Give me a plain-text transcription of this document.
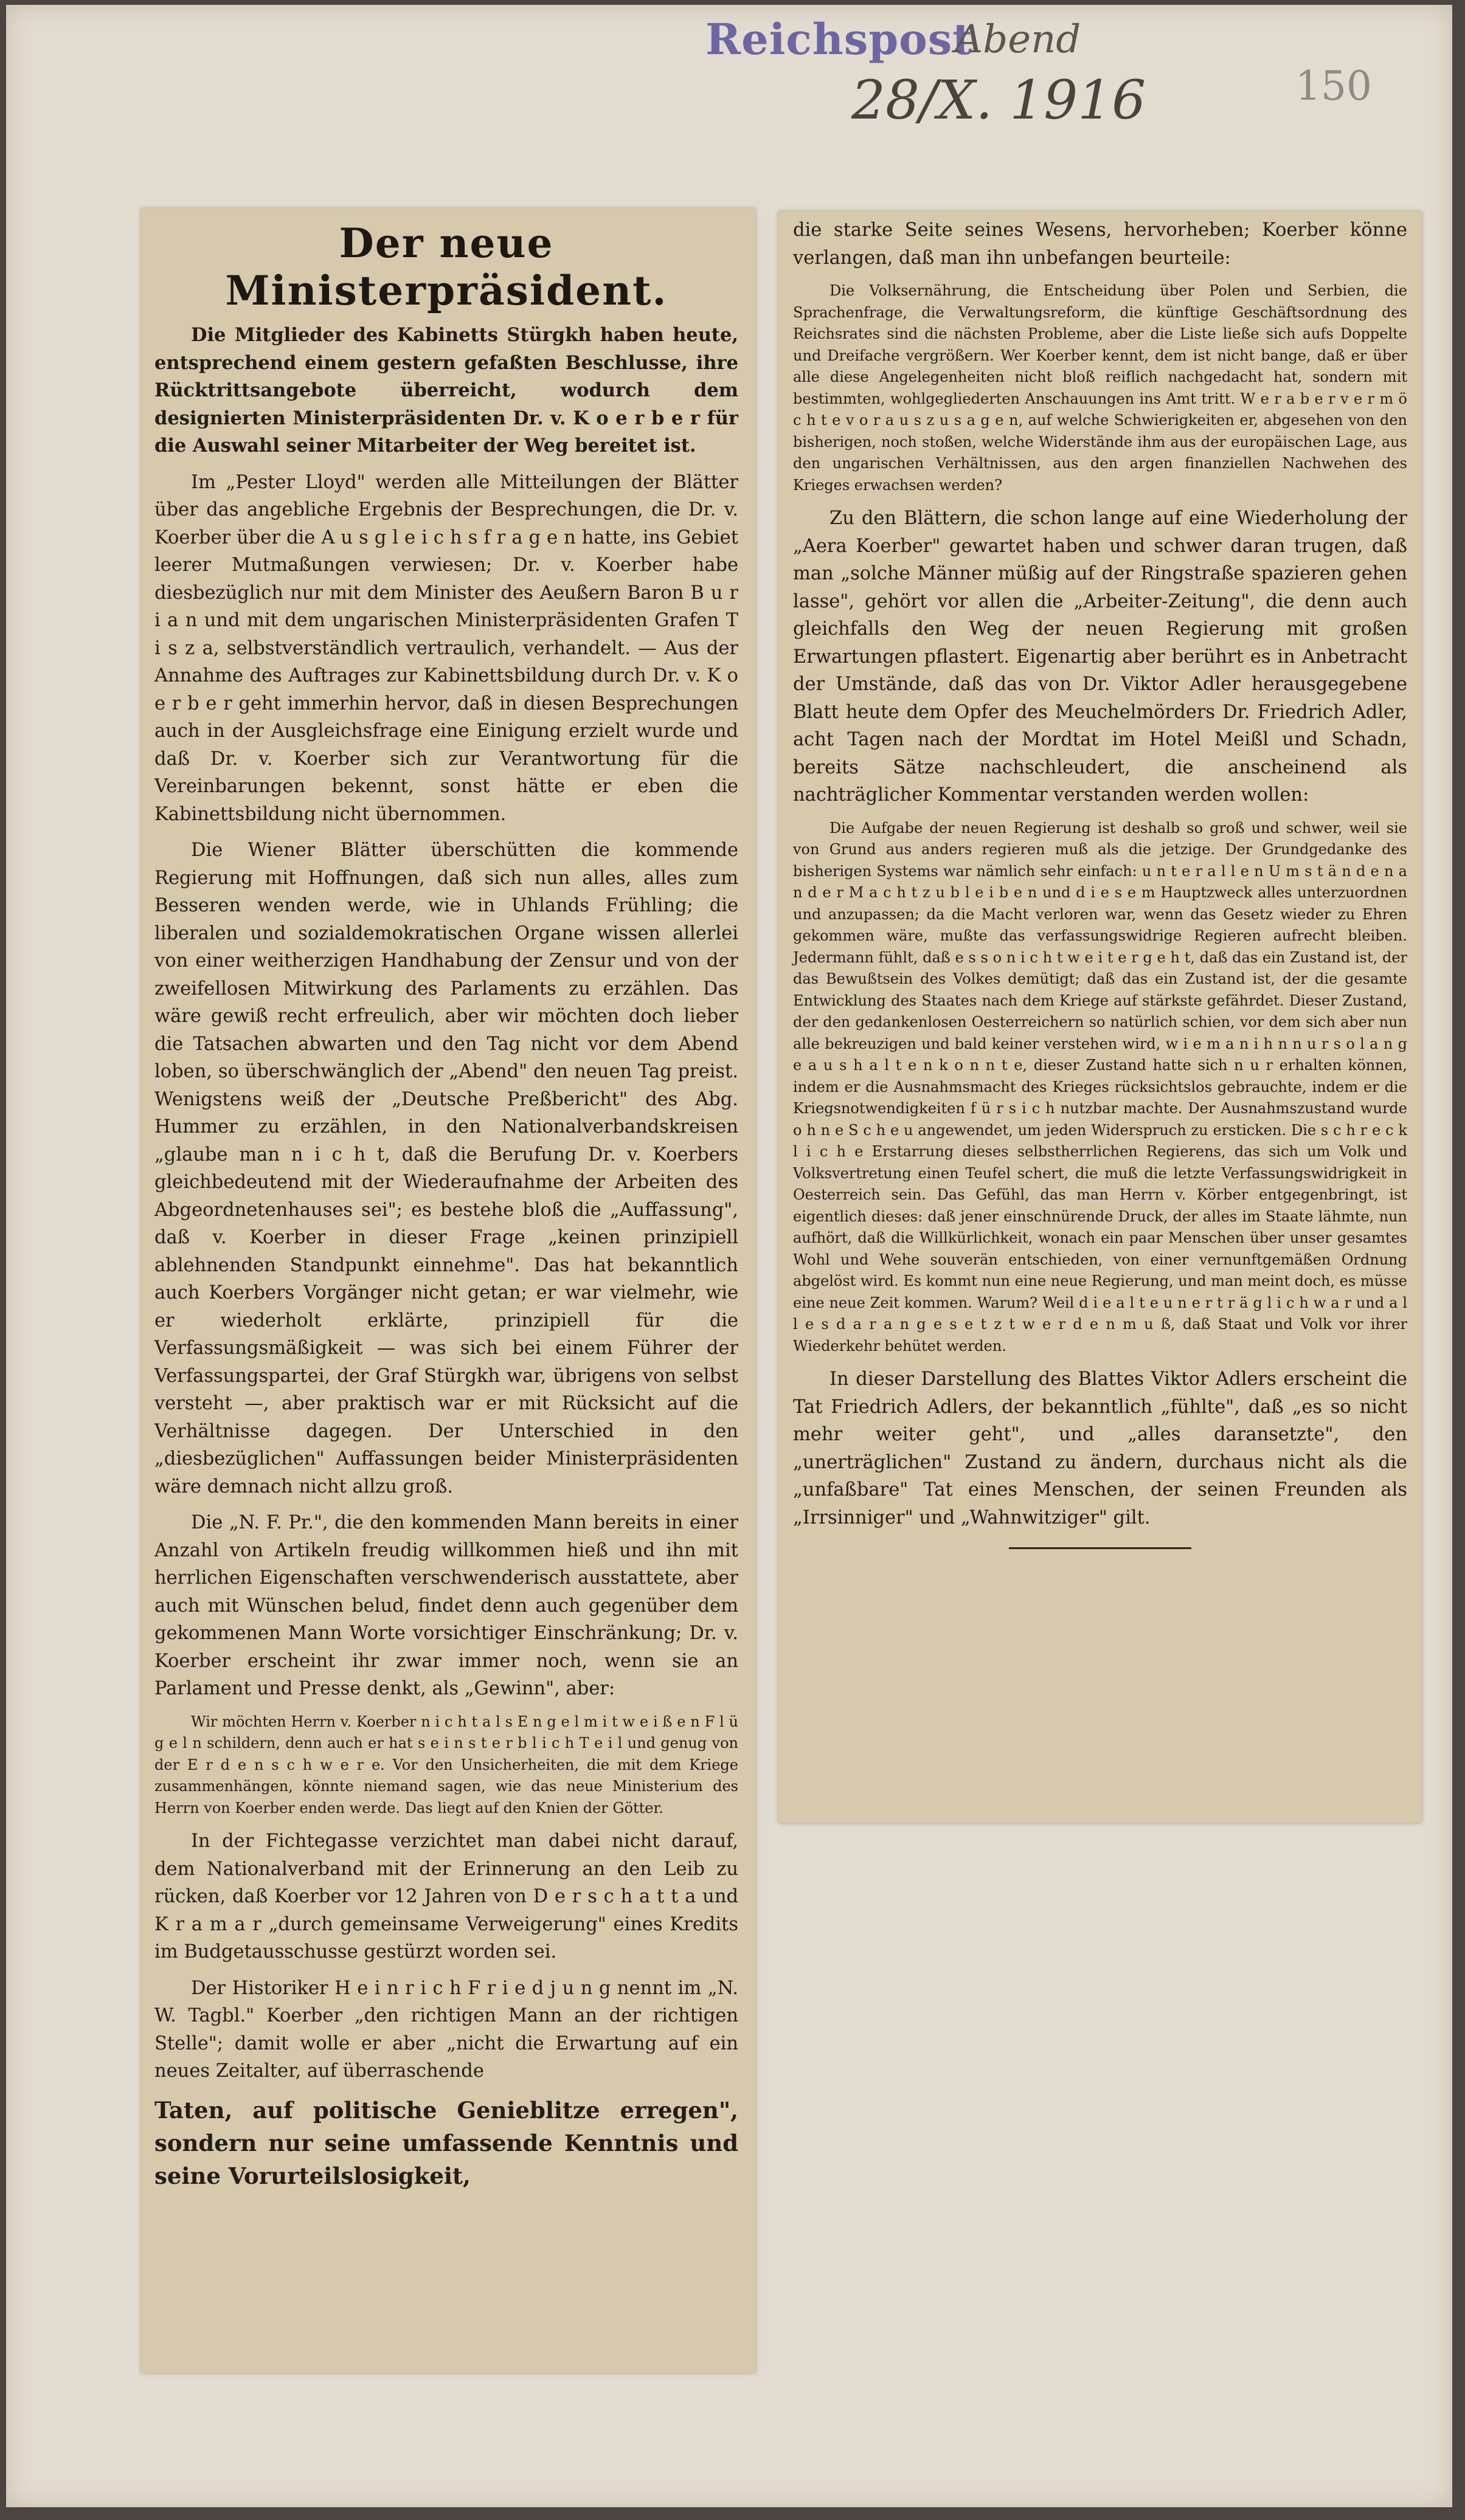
Reichspost
Abend
28/X. 1916	150
Der neue Ministerpräsident.

Die Mitglieder des Kabinetts Stürgkh haben heute, entsprechend einem gestern gefaßten Beschlusse, ihre Rücktrittsangebote überreicht, wodurch dem designierten Ministerpräsidenten Dr. v. K o e r b e r für die Auswahl seiner Mitarbeiter der Weg bereitet ist.

Im „Pester Lloyd" werden alle Mitteilungen der Blätter über das angebliche Ergebnis der Besprechungen, die Dr. v. Koerber über die A u s g l e i c h s f r a g e n hatte, ins Gebiet leerer Mutmaßungen verwiesen; Dr. v. Koerber habe diesbezüglich nur mit dem Minister des Aeußern Baron B u r i a n und mit dem ungarischen Ministerpräsidenten Grafen T i s z a, selbstverständlich vertraulich, verhandelt. — Aus der Annahme des Auftrages zur Kabinettsbildung durch Dr. v. K o e r b e r geht immerhin hervor, daß in diesen Besprechungen auch in der Ausgleichsfrage eine Einigung erzielt wurde und daß Dr. v. Koerber sich zur Verantwortung für die Vereinbarungen bekennt, sonst hätte er eben die Kabinettsbildung nicht übernommen.

Die Wiener Blätter überschütten die kommende Regierung mit Hoffnungen, daß sich nun alles, alles zum Besseren wenden werde, wie in Uhlands Frühling; die liberalen und sozialdemokratischen Organe wissen allerlei von einer weitherzigen Handhabung der Zensur und von der zweifellosen Mitwirkung des Parlaments zu erzählen. Das wäre gewiß recht erfreulich, aber wir möchten doch lieber die Tatsachen abwarten und den Tag nicht vor dem Abend loben, so überschwänglich der „Abend" den neuen Tag preist. Wenigstens weiß der „Deutsche Preßbericht" des Abg. Hummer zu erzählen, in den Nationalverbandskreisen „glaube man n i c h t, daß die Berufung Dr. v. Koerbers gleichbedeutend mit der Wiederaufnahme der Arbeiten des Abgeordnetenhauses sei"; es bestehe bloß die „Auffassung", daß v. Koerber in dieser Frage „keinen prinzipiell ablehnenden Standpunkt einnehme". Das hat bekanntlich auch Koerbers Vorgänger nicht getan; er war vielmehr, wie er wiederholt erklärte, prinzipiell für die Verfassungsmäßigkeit — was sich bei einem Führer der Verfassungspartei, der Graf Stürgkh war, übrigens von selbst versteht —, aber praktisch war er mit Rücksicht auf die Verhältnisse dagegen. Der Unterschied in den „diesbezüglichen" Auffassungen beider Ministerpräsidenten wäre demnach nicht allzu groß.

Die „N. F. Pr.", die den kommenden Mann bereits in einer Anzahl von Artikeln freudig willkommen hieß und ihn mit herrlichen Eigenschaften verschwenderisch ausstattete, aber auch mit Wünschen belud, findet denn auch gegenüber dem gekommenen Mann Worte vorsichtiger Einschränkung; Dr. v. Koerber erscheint ihr zwar immer noch, wenn sie an Parlament und Presse denkt, als „Gewinn", aber:

Wir möchten Herrn v. Koerber n i c h t a l s E n g e l m i t w e i ß e n F l ü g e l n schildern, denn auch er hat s e i n s t e r b l i c h T e i l und genug von der E r d e n s c h w e r e. Vor den Unsicherheiten, die mit dem Kriege zusammenhängen, könnte niemand sagen, wie das neue Ministerium des Herrn von Koerber enden werde. Das liegt auf den Knien der Götter.

In der Fichtegasse verzichtet man dabei nicht darauf, dem Nationalverband mit der Erinnerung an den Leib zu rücken, daß Koerber vor 12 Jahren von D e r s c h a t t a und K r a m a r „durch gemeinsame Verweigerung" eines Kredits im Budgetausschusse gestürzt worden sei.

Der Historiker H e i n r i c h F r i e d j u n g nennt im „N. W. Tagbl." Koerber „den richtigen Mann an der richtigen Stelle"; damit wolle er aber „nicht die Erwartung auf ein neues Zeitalter, auf überraschende

Taten, auf politische Genieblitze erregen", sondern nur seine umfassende Kenntnis und seine Vorurteilslosigkeit,

die starke Seite seines Wesens, hervorheben; Koerber könne verlangen, daß man ihn unbefangen beurteile:

Die Volksernährung, die Entscheidung über Polen und Serbien, die Sprachenfrage, die Verwaltungsreform, die künftige Geschäftsordnung des Reichsrates sind die nächsten Probleme, aber die Liste ließe sich aufs Doppelte und Dreifache vergrößern. Wer Koerber kennt, dem ist nicht bange, daß er über alle diese Angelegenheiten nicht bloß reiflich nachgedacht hat, sondern mit bestimmten, wohlgegliederten Anschauungen ins Amt tritt. W e r a b e r v e r m ö c h t e v o r a u s z u s a g e n, auf welche Schwierigkeiten er, abgesehen von den bisherigen, noch stoßen, welche Widerstände ihm aus der europäischen Lage, aus den ungarischen Verhältnissen, aus den argen finanziellen Nachwehen des Krieges erwachsen werden?

Zu den Blättern, die schon lange auf eine Wiederholung der „Aera Koerber" gewartet haben und schwer daran trugen, daß man „solche Männer müßig auf der Ringstraße spazieren gehen lasse", gehört vor allen die „Arbeiter-Zeitung", die denn auch gleichfalls den Weg der neuen Regierung mit großen Erwartungen pflastert. Eigenartig aber berührt es in Anbetracht der Umstände, daß das von Dr. Viktor Adler herausgegebene Blatt heute dem Opfer des Meuchelmörders Dr. Friedrich Adler, acht Tagen nach der Mordtat im Hotel Meißl und Schadn, bereits Sätze nachschleudert, die anscheinend als nachträglicher Kommentar verstanden werden wollen:

Die Aufgabe der neuen Regierung ist deshalb so groß und schwer, weil sie von Grund aus anders regieren muß als die jetzige. Der Grundgedanke des bisherigen Systems war nämlich sehr einfach: u n t e r a l l e n U m s t ä n d e n a n d e r M a c h t z u b l e i b e n und d i e s e m Hauptzweck alles unterzuordnen und anzupassen; da die Macht verloren war, wenn das Gesetz wieder zu Ehren gekommen wäre, mußte das verfassungswidrige Regieren aufrecht bleiben. Jedermann fühlt, daß e s s o n i c h t w e i t e r g e h t, daß das ein Zustand ist, der das Bewußtsein des Volkes demütigt; daß das ein Zustand ist, der die gesamte Entwicklung des Staates nach dem Kriege auf stärkste gefährdet. Dieser Zustand, der den gedankenlosen Oesterreichern so natürlich schien, vor dem sich aber nun alle bekreuzigen und bald keiner verstehen wird, w i e m a n i h n n u r s o l a n g e a u s h a l t e n k o n n t e, dieser Zustand hatte sich n u r erhalten können, indem er die Ausnahmsmacht des Krieges rücksichtslos gebrauchte, indem er die Kriegsnotwendigkeiten f ü r s i c h nutzbar machte. Der Ausnahmszustand wurde o h n e S c h e u angewendet, um jeden Widerspruch zu ersticken. Die s c h r e c k l i c h e Erstarrung dieses selbstherrlichen Regierens, das sich um Volk und Volksvertretung einen Teufel schert, die muß die letzte Verfassungswidrigkeit in Oesterreich sein. Das Gefühl, das man Herrn v. Körber entgegenbringt, ist eigentlich dieses: daß jener einschnürende Druck, der alles im Staate lähmte, nun aufhört, daß die Willkürlichkeit, wonach ein paar Menschen über unser gesamtes Wohl und Wehe souverän entschieden, von einer vernunftgemäßen Ordnung abgelöst wird. Es kommt nun eine neue Regierung, und man meint doch, es müsse eine neue Zeit kommen. Warum? Weil d i e a l t e u n e r t r ä g l i c h w a r und a l l e s d a r a n g e s e t z t w e r d e n m u ß, daß Staat und Volk vor ihrer Wiederkehr behütet werden.

In dieser Darstellung des Blattes Viktor Adlers erscheint die Tat Friedrich Adlers, der bekanntlich „fühlte", daß „es so nicht mehr weiter geht", und „alles daransetzte", den „unerträglichen" Zustand zu ändern, durchaus nicht als die „unfaßbare" Tat eines Menschen, der seinen Freunden als „Irrsinniger" und „Wahnwitziger" gilt.
